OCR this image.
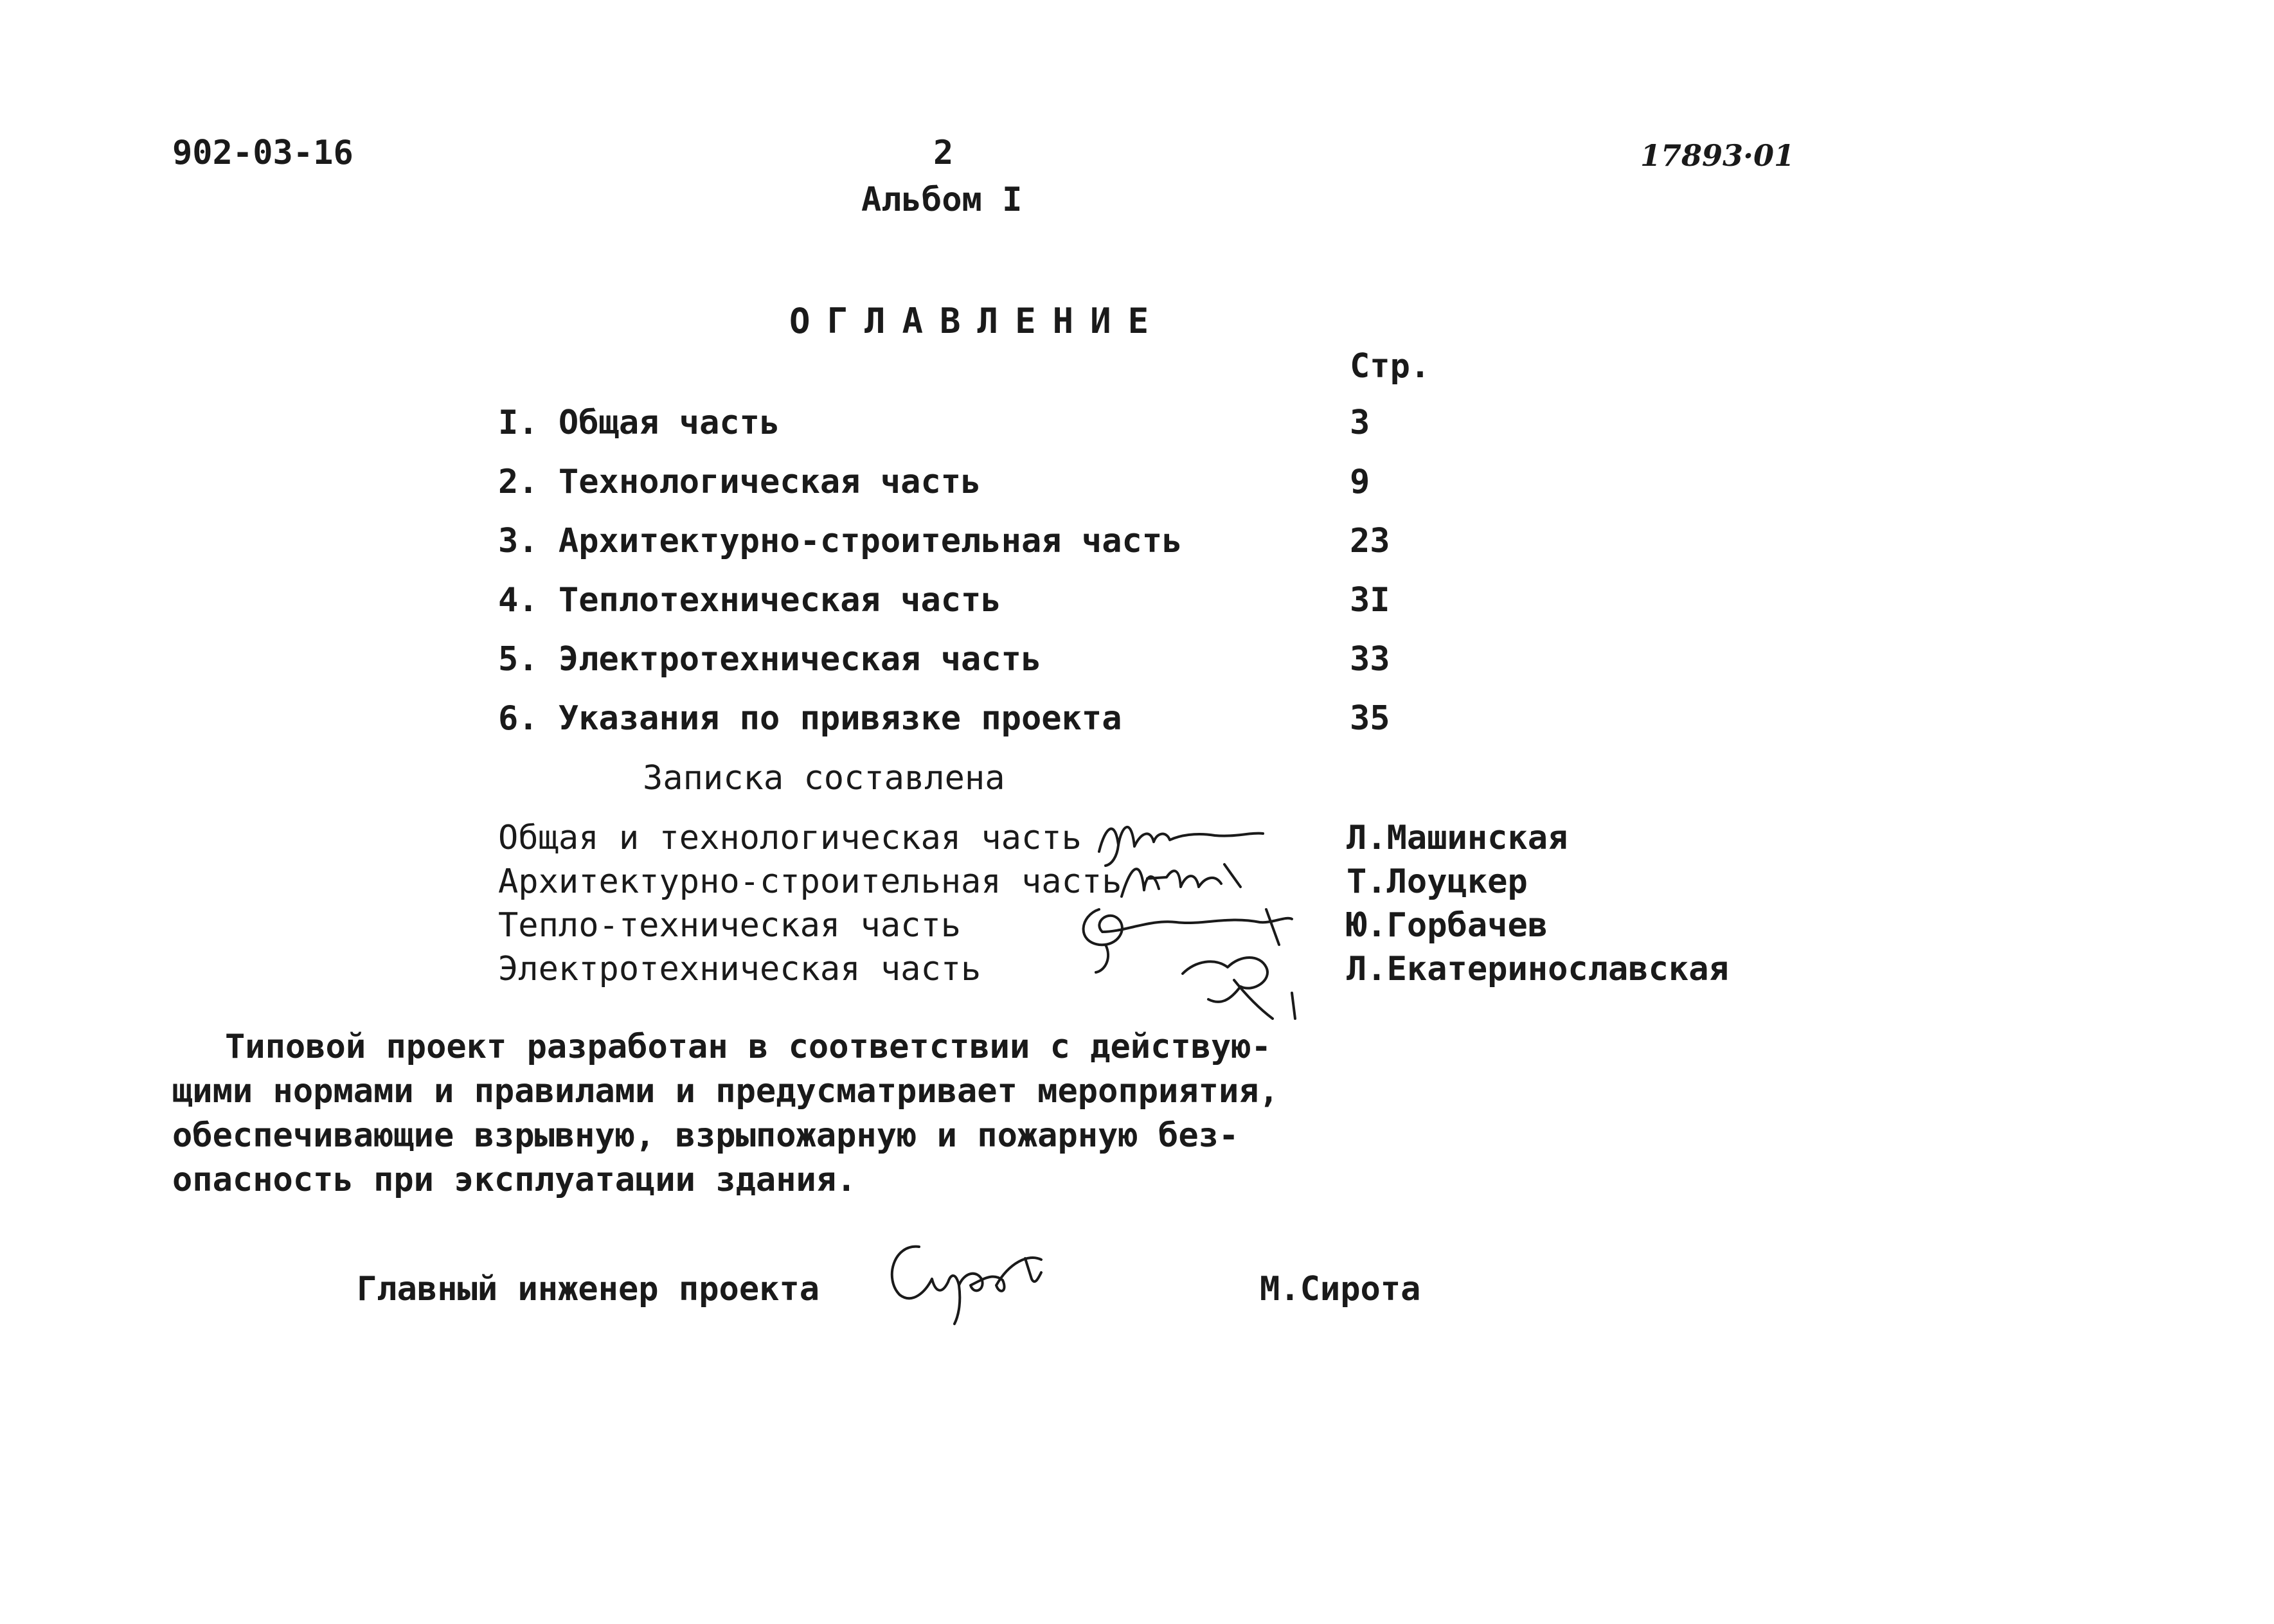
902-03-16	2
Альбом I
17893·01
ОГЛАВЛЕНИЕ
Стр.
I. Общая часть	3
2. Технологическая часть	9
3. Архитектурно-строительная часть	23
4. Теплотехническая часть	3I
5. Электротехническая часть	33
6. Указания по привязке проекта	35
Записка составлена
Общая и технологическая часть	Л.Машинская
Архитектурно-строительная часть	Т.Лоуцкер
Тепло-техническая часть	Ю.Горбачев
Электротехническая часть	Л.Екатеринославская
Типовой проект разработан в соответствии с действую-
щими нормами и правилами и предусматривает мероприятия,
обеспечивающие взрывную, взрыпожарную и пожарную без-
опасность при эксплуатации здания.
Главный инженер проекта	М.Сирота
